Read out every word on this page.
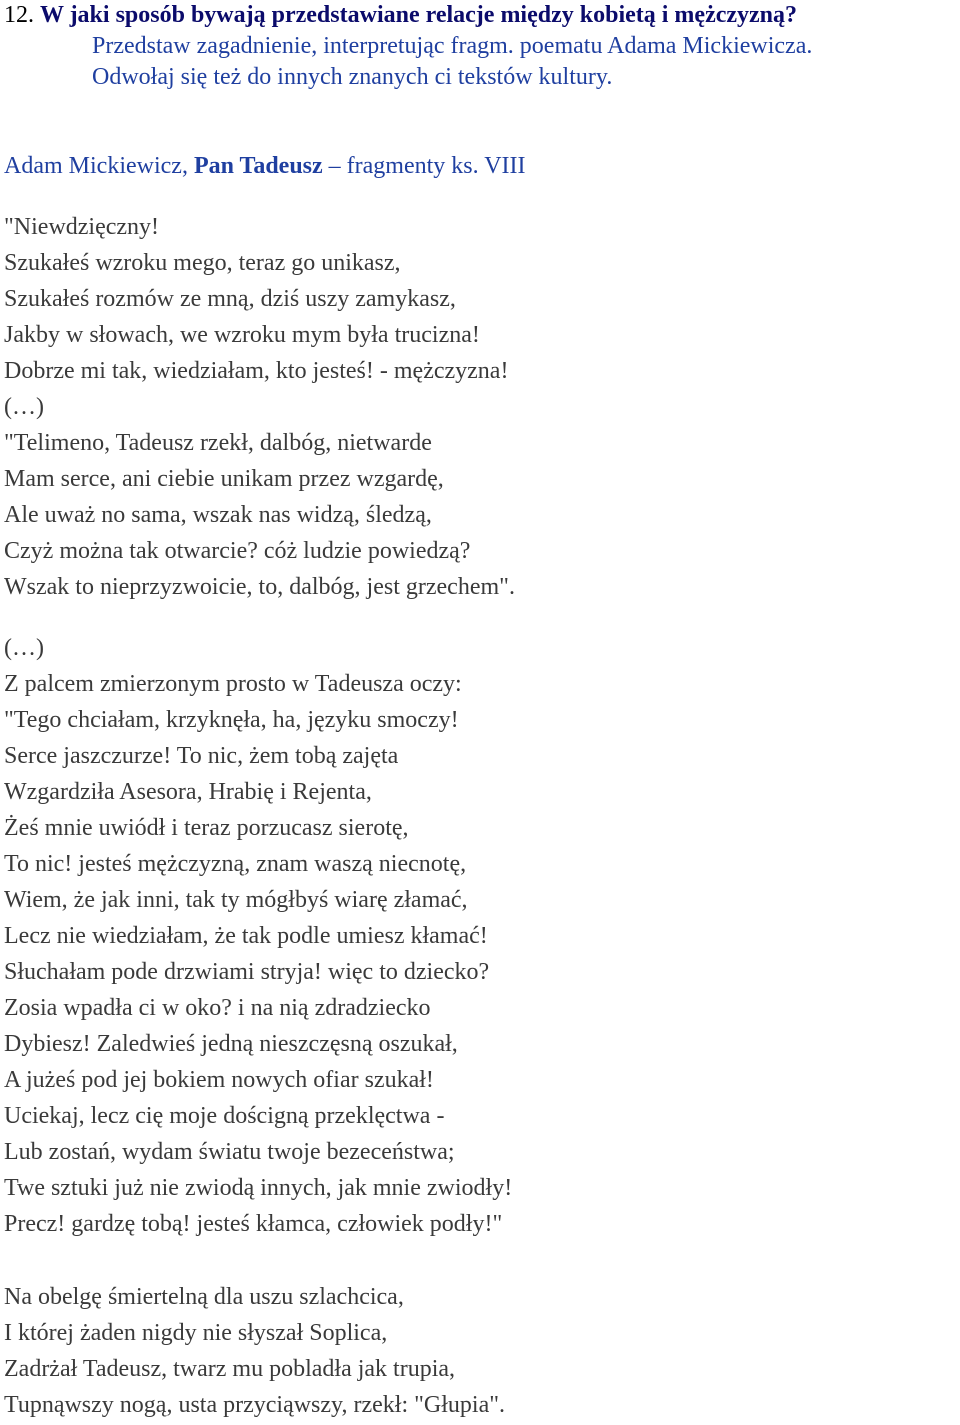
12. W jaki sposób bywają przedstawiane relacje między kobietą i mężczyzną?
Przedstaw zagadnienie, interpretując fragm. poematu Adama Mickiewicza.
Odwołaj się też do innych znanych ci tekstów kultury.
Adam Mickiewicz, Pan Tadeusz – fragmenty ks. VIII
"Niewdzięczny!
Szukałeś wzroku mego, teraz go unikasz,
Szukałeś rozmów ze mną, dziś uszy zamykasz,
Jakby w słowach, we wzroku mym była trucizna!
Dobrze mi tak, wiedziałam, kto jesteś! - mężczyzna!
(…)
"Telimeno, Tadeusz rzekł, dalbóg, nietwarde
Mam serce, ani ciebie unikam przez wzgardę,
Ale uważ no sama, wszak nas widzą, śledzą,
Czyż można tak otwarcie? cóż ludzie powiedzą?
Wszak to nieprzyzwoicie, to, dalbóg, jest grzechem".
(…)
Z palcem zmierzonym prosto w Tadeusza oczy:
"Tego chciałam, krzyknęła, ha, języku smoczy!
Serce jaszczurze! To nic, żem tobą zajęta
Wzgardziła Asesora, Hrabię i Rejenta,
Żeś mnie uwiódł i teraz porzucasz sierotę,
To nic! jesteś mężczyzną, znam waszą niecnotę,
Wiem, że jak inni, tak ty mógłbyś wiarę złamać,
Lecz nie wiedziałam, że tak podle umiesz kłamać!
Słuchałam pode drzwiami stryja! więc to dziecko?
Zosia wpadła ci w oko? i na nią zdradziecko
Dybiesz! Zaledwieś jedną nieszczęsną oszukał,
A jużeś pod jej bokiem nowych ofiar szukał!
Uciekaj, lecz cię moje dościgną przeklęctwa -
Lub zostań, wydam światu twoje bezeceństwa;
Twe sztuki już nie zwiodą innych, jak mnie zwiodły!
Precz! gardzę tobą! jesteś kłamca, człowiek podły!"
Na obelgę śmiertelną dla uszu szlachcica,
I której żaden nigdy nie słyszał Soplica,
Zadrżał Tadeusz, twarz mu pobladła jak trupia,
Tupnąwszy nogą, usta przyciąwszy, rzekł: "Głupia".
